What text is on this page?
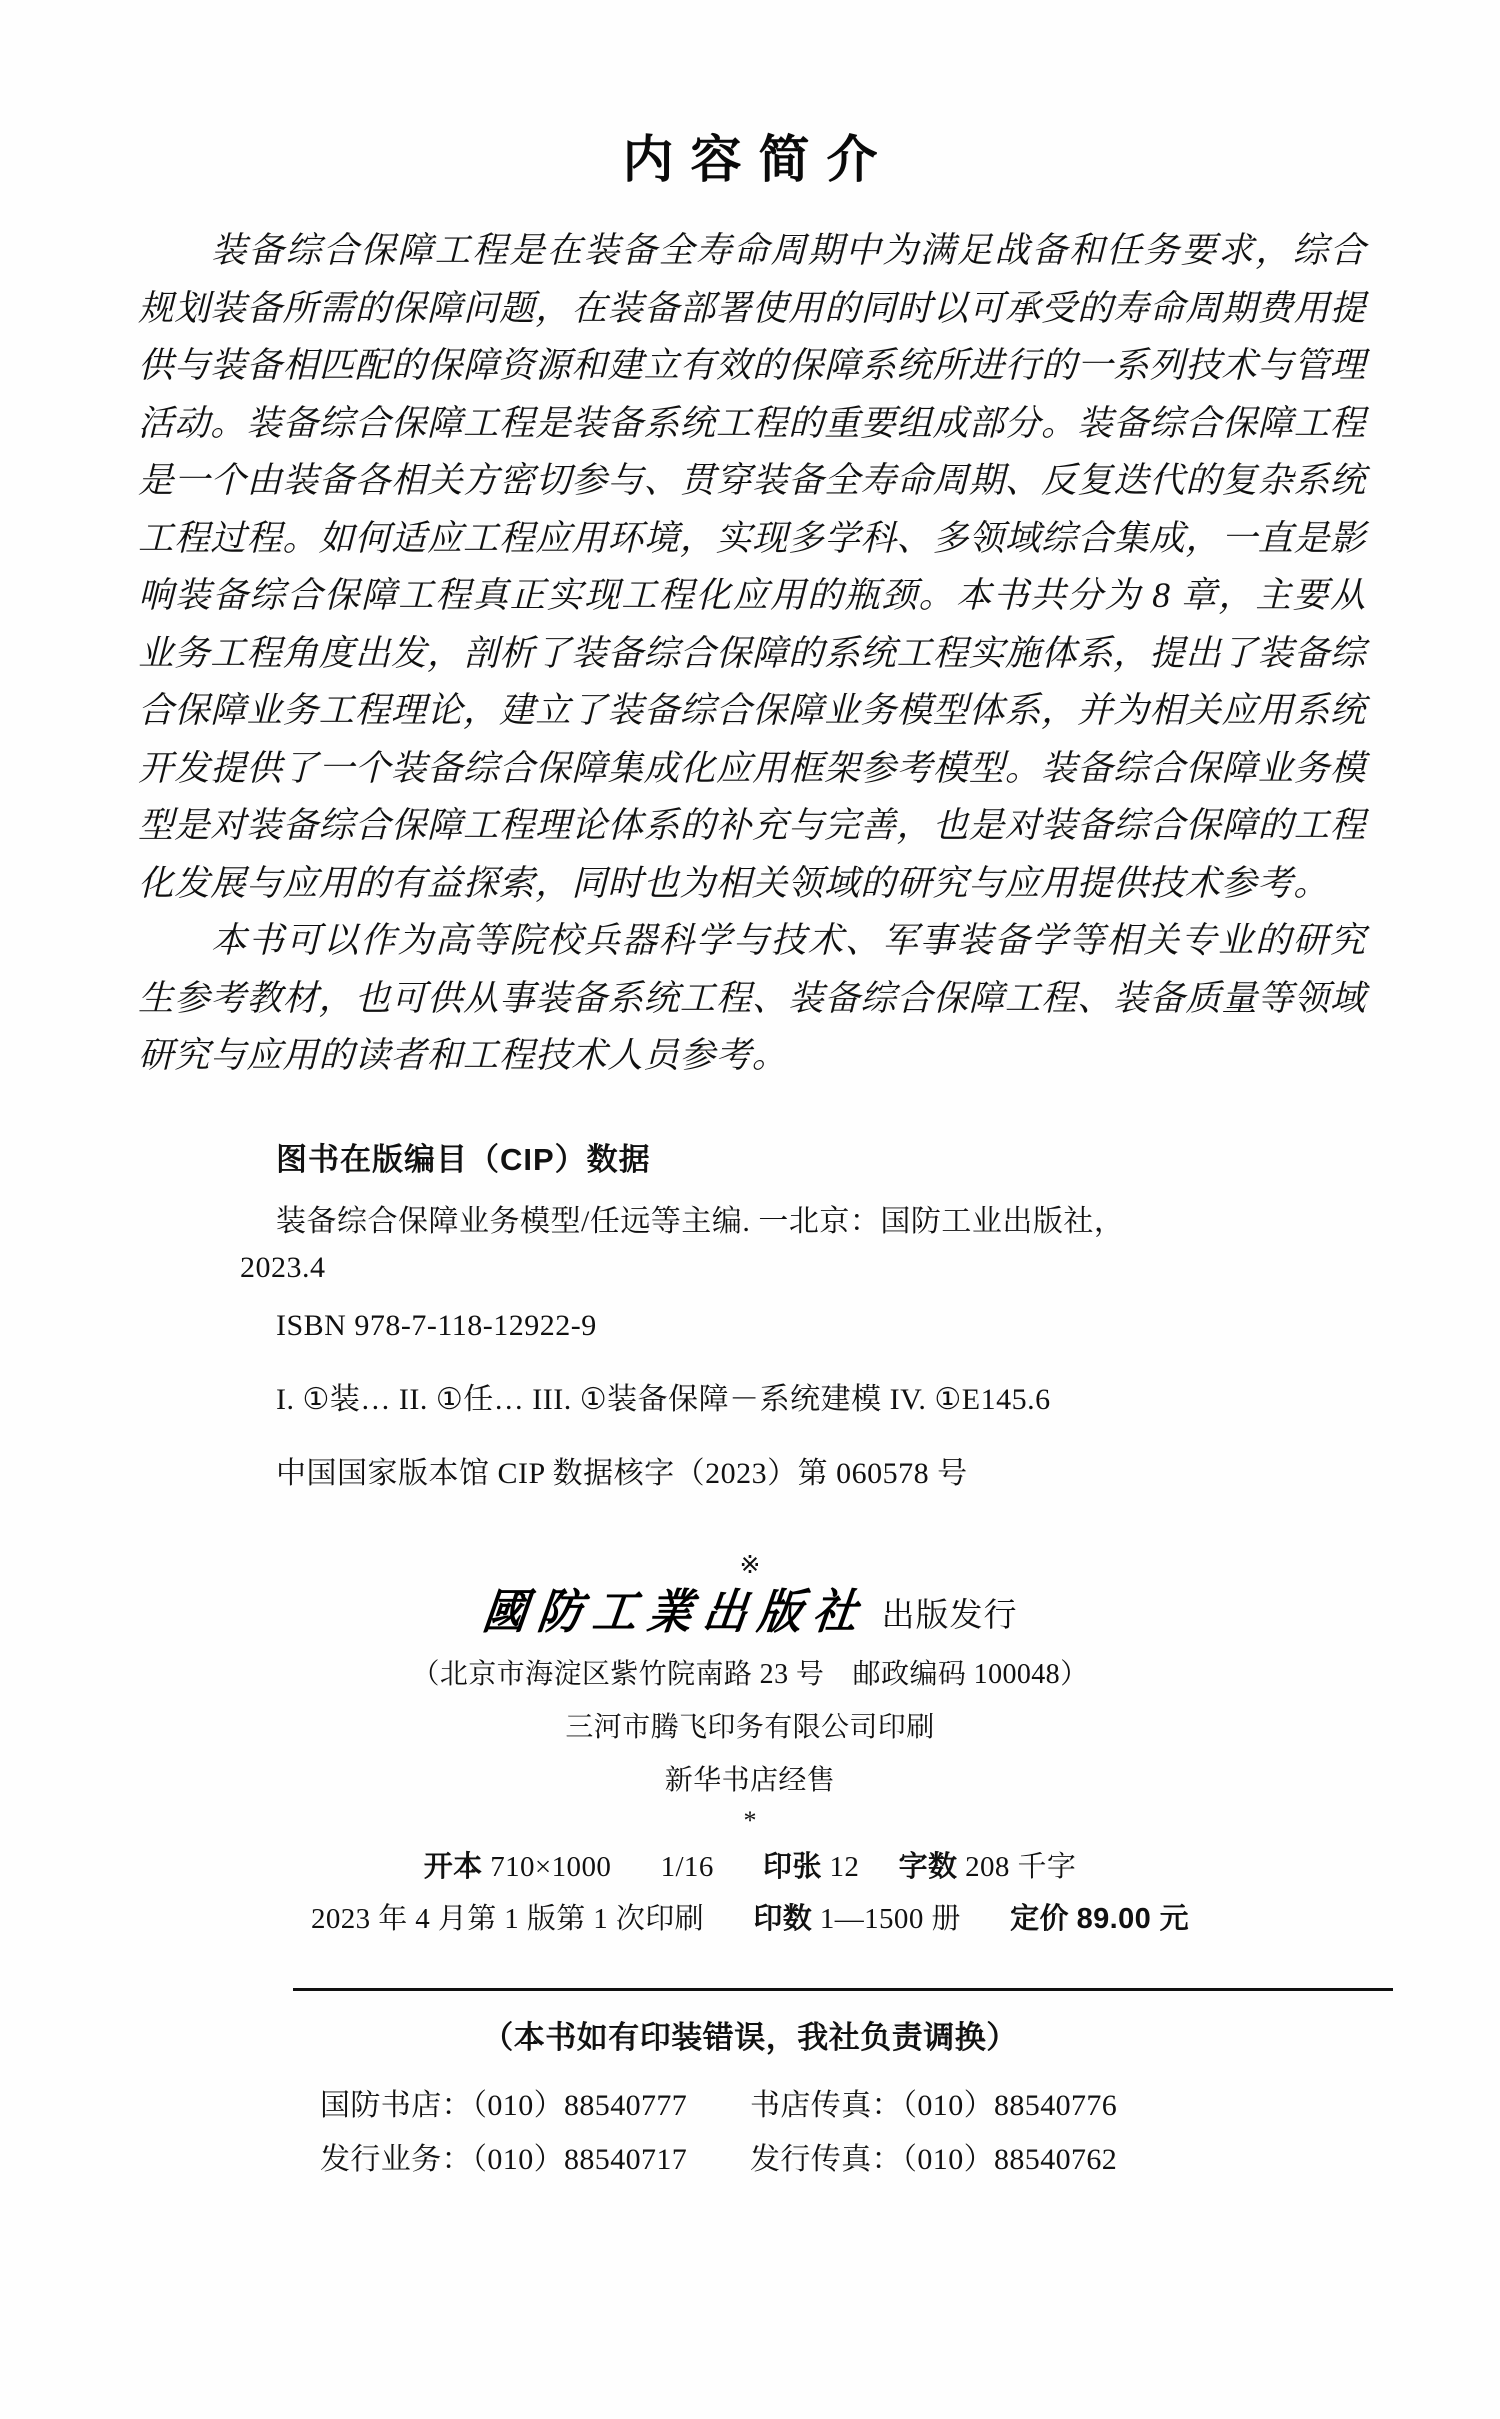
内容简介

装备综合保障工程是在装备全寿命周期中为满足战备和任务要求，综合规划装备所需的保障问题，在装备部署使用的同时以可承受的寿命周期费用提供与装备相匹配的保障资源和建立有效的保障系统所进行的一系列技术与管理活动。装备综合保障工程是装备系统工程的重要组成部分。装备综合保障工程是一个由装备各相关方密切参与、贯穿装备全寿命周期、反复迭代的复杂系统工程过程。如何适应工程应用环境，实现多学科、多领域综合集成，一直是影响装备综合保障工程真正实现工程化应用的瓶颈。本书共分为 8 章，主要从业务工程角度出发，剖析了装备综合保障的系统工程实施体系，提出了装备综合保障业务工程理论，建立了装备综合保障业务模型体系，并为相关应用系统开发提供了一个装备综合保障集成化应用框架参考模型。装备综合保障业务模型是对装备综合保障工程理论体系的补充与完善，也是对装备综合保障的工程化发展与应用的有益探索，同时也为相关领域的研究与应用提供技术参考。

本书可以作为高等院校兵器科学与技术、军事装备学等相关专业的研究生参考教材，也可供从事装备系统工程、装备综合保障工程、装备质量等领域研究与应用的读者和工程技术人员参考。

图书在版编目（CIP）数据
装备综合保障业务模型/任远等主编. 一北京：国防工业出版社，
2023.4
ISBN 978-7-118-12922-9
I. ①装… II. ①任… III. ①装备保障－系统建模 IV. ①E145.6
中国国家版本馆 CIP 数据核字（2023）第 060578 号
※
國防工業出版社 出版发行
（北京市海淀区紫竹院南路 23 号　邮政编码 100048）
三河市腾飞印务有限公司印刷
新华书店经售
*
开本 710×1000 1/16 印张 12 字数 208 千字
2023 年 4 月第 1 版第 1 次印刷 印数 1—1500 册 定价 89.00 元
（本书如有印装错误，我社负责调换）
国防书店：（010）88540777
发行业务：（010）88540717
书店传真：（010）88540776
发行传真：（010）88540762
